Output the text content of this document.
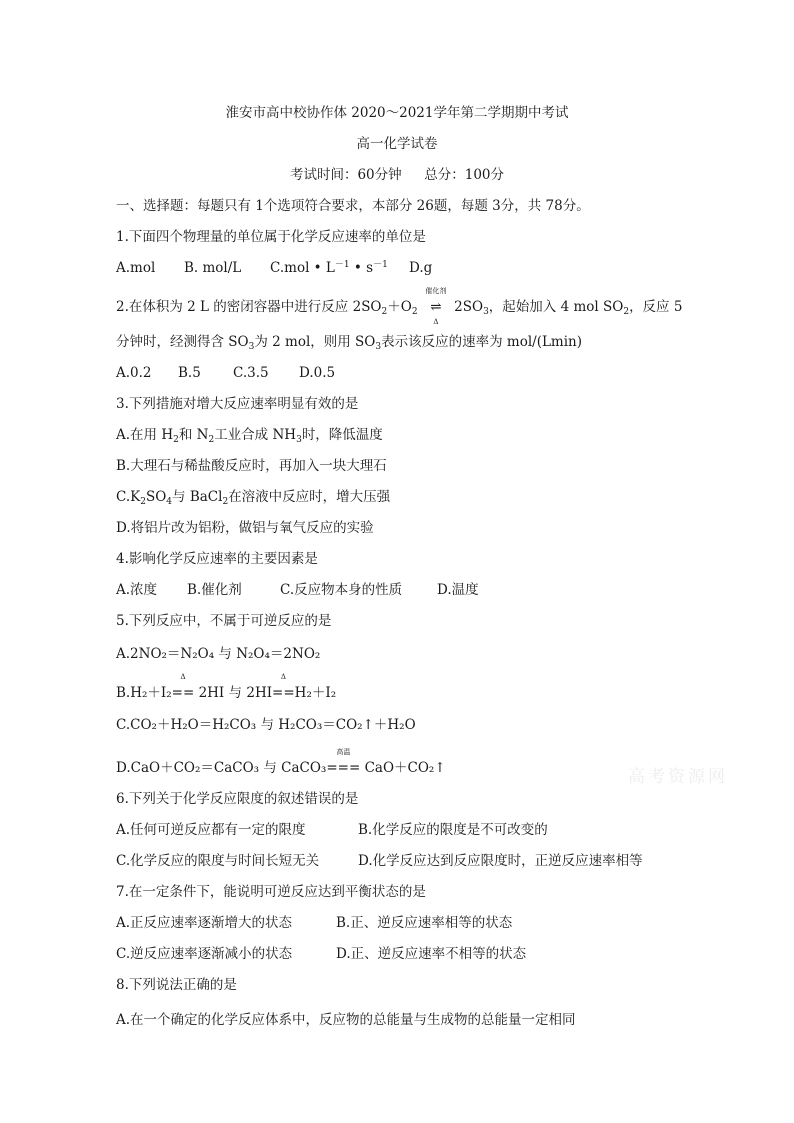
淮安市高中校协作体 2020～2021学年第二学期期中考试
高一化学试卷
考试时间：60分钟 总分：100分
一、选择题：每题只有 1个选项符合要求，本部分 26题，每题 3分，共 78分。
1.下面四个物理量的单位属于化学反应速率的单位是
A.mol B. mol/L C.mol • $L^{-1}$ • $s^{-1}$ D.g
2.在体积为 2 L 的密闭容器中进行反应 $2SO_2+O_2$
催化剂
⇌
Δ
$2SO_3$，起始加入 4 mol $SO_2$，反应 5
分钟时，经测得含 $SO_3$为 2 mol，则用 $SO_3$表示该反应的速率为 mol/(Lmin)
A.0.2 B.5 C.3.5 D.0.5
3.下列措施对增大反应速率明显有效的是
A.在用 $H_2$和 $N_2$工业合成 $NH_3$时，降低温度
B.大理石与稀盐酸反应时，再加入一块大理石
$C.K_2SO_4$与 BaCl$_2$在溶液中反应时，增大压强
D.将铝片改为铝粉，做铝与氧气反应的实验
4.影响化学反应速率的主要因素是
A.浓度 B.催化剂	C.反应物本身的性质	D.温度
5.下列反应中，不属于可逆反应的是
A.2NO₂＝N₂O₄ 与 N₂O₄＝2NO₂
B.H₂＋I₂
Δ
== 2HI 与 2HI
Δ
==H₂＋I₂
C.CO₂＋H₂O＝H₂CO₃ 与 H₂CO₃＝CO₂↑＋H₂O
D.CaO＋CO₂＝CaCO₃ 与 CaCO₃
高温
=== CaO＋CO₂↑	高考资源网
6.下列关于化学反应限度的叙述错误的是
A.任何可逆反应都有一定的限度	B.化学反应的限度是不可改变的
C.化学反应的限度与时间长短无关	D.化学反应达到反应限度时，正逆反应速率相等
7.在一定条件下，能说明可逆反应达到平衡状态的是
A.正反应速率逐渐增大的状态	B.正、逆反应速率相等的状态
C.逆反应速率逐渐减小的状态	D.正、逆反应速率不相等的状态
8.下列说法正确的是
A.在一个确定的化学反应体系中，反应物的总能量与生成物的总能量一定相同
